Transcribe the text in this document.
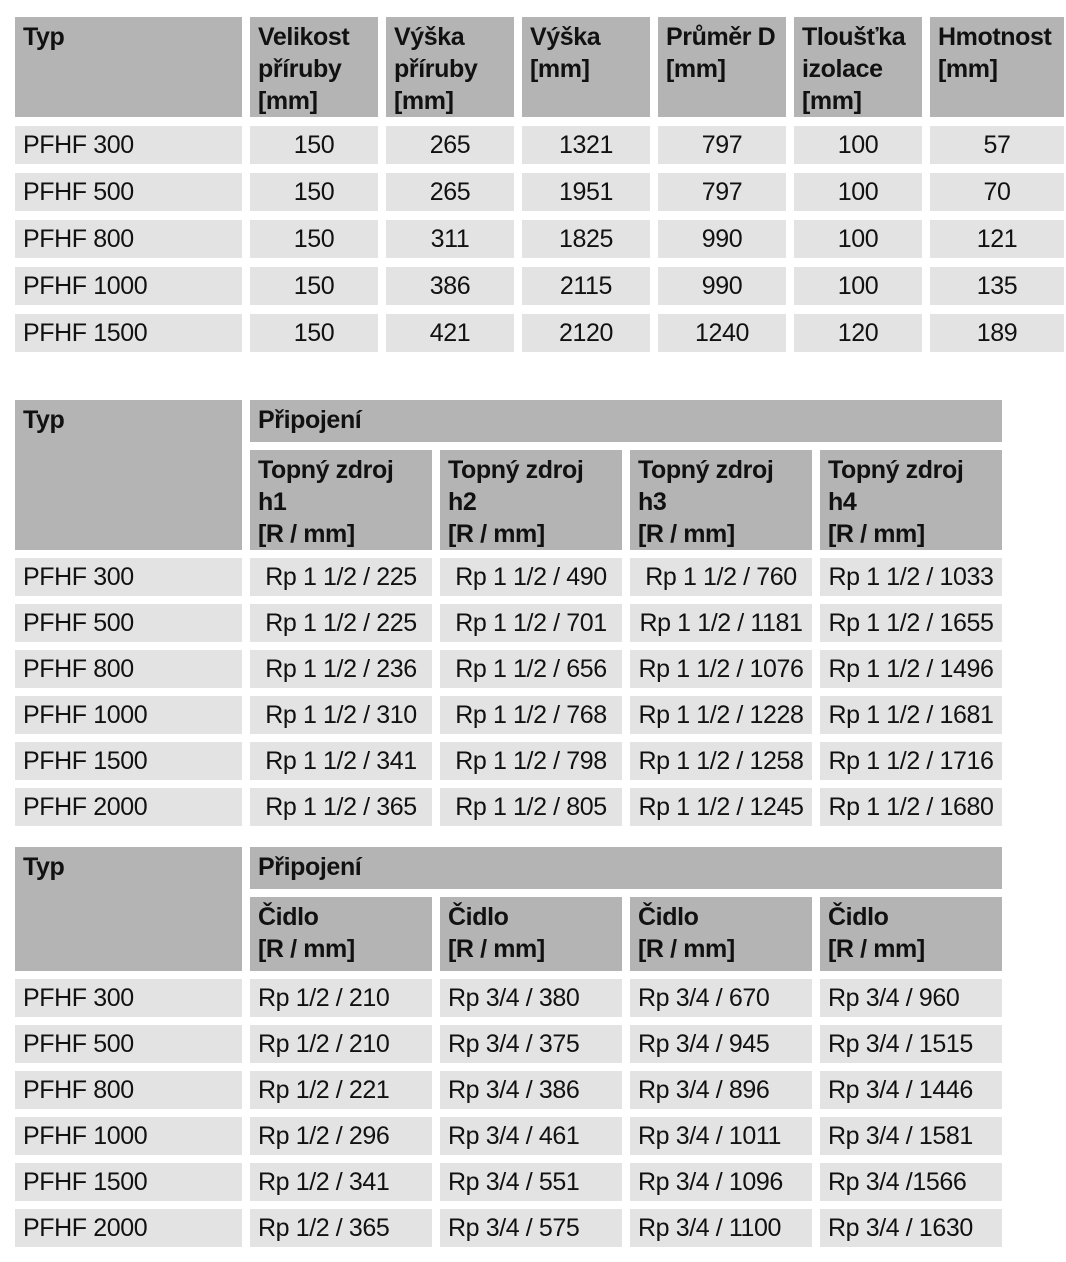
Typ	Velikost
příruby
[mm]	Výška
příruby
[mm]	Výška
[mm]	Průměr D
[mm]	Tloušťka
izolace
[mm]	Hmotnost
[mm]

PFHF 300	150	265	1321	797	100	57
PFHF 500	150	265	1951	797	100	70
PFHF 800	150	311	1825	990	100	121
PFHF 1000	150	386	2115	990	100	135
PFHF 1500	150	421	2120	1240	120	189
Typ	Připojení			

	Topný zdroj h1
[R / mm]	Topný zdroj h2
[R / mm]	Topný zdroj h3
[R / mm]	Topný zdroj h4
[R / mm]

PFHF 300	Rp 1 1/2 / 225	Rp 1 1/2 / 490	Rp 1 1/2 / 760	Rp 1 1/2 / 1033
PFHF 500	Rp 1 1/2 / 225	Rp 1 1/2 / 701	Rp 1 1/2 / 1181	Rp 1 1/2 / 1655
PFHF 800	Rp 1 1/2 / 236	Rp 1 1/2 / 656	Rp 1 1/2 / 1076	Rp 1 1/2 / 1496
PFHF 1000	Rp 1 1/2 / 310	Rp 1 1/2 / 768	Rp 1 1/2 / 1228	Rp 1 1/2 / 1681
PFHF 1500	Rp 1 1/2 / 341	Rp 1 1/2 / 798	Rp 1 1/2 / 1258	Rp 1 1/2 / 1716
PFHF 2000	Rp 1 1/2 / 365	Rp 1 1/2 / 805	Rp 1 1/2 / 1245	Rp 1 1/2 / 1680
Typ	Připojení			

	Čidlo
[R / mm]	Čidlo
[R / mm]	Čidlo
[R / mm]	Čidlo
[R / mm]

PFHF 300	Rp 1/2 / 210	Rp 3/4 / 380	Rp 3/4 / 670	Rp 3/4 / 960
PFHF 500	Rp 1/2 / 210	Rp 3/4 / 375	Rp 3/4 / 945	Rp 3/4 / 1515
PFHF 800	Rp 1/2 / 221	Rp 3/4 / 386	Rp 3/4 / 896	Rp 3/4 / 1446
PFHF 1000	Rp 1/2 / 296	Rp 3/4 / 461	Rp 3/4 / 1011	Rp 3/4 / 1581
PFHF 1500	Rp 1/2 / 341	Rp 3/4 / 551	Rp 3/4 / 1096	Rp 3/4 /1566
PFHF 2000	Rp 1/2 / 365	Rp 3/4 / 575	Rp 3/4 / 1100	Rp 3/4 / 1630
